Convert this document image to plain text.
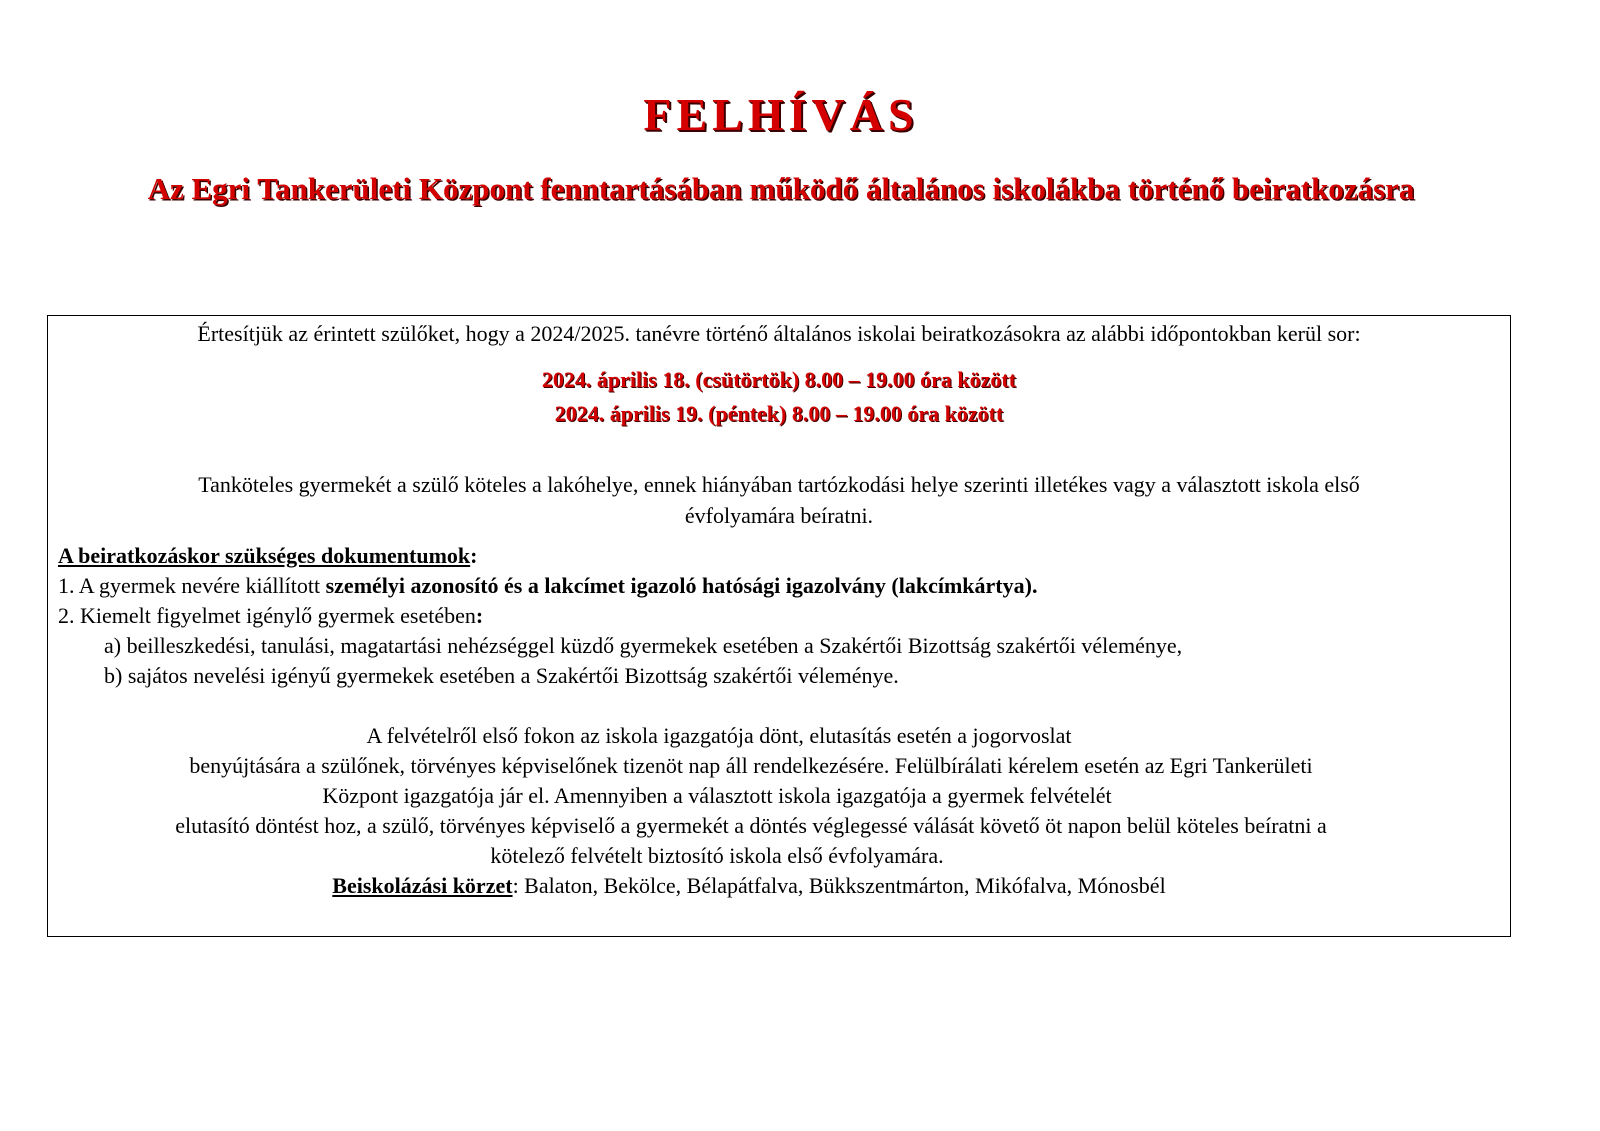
FELHÍVÁS
Az Egri Tankerületi Központ fenntartásában működő általános iskolákba történő beiratkozásra

Értesítjük az érintett szülőket, hogy a 2024/2025. tanévre történő általános iskolai beiratkozásokra az alábbi időpontokban kerül sor:

2024. április 18. (csütörtök) 8.00 – 19.00 óra között

2024. április 19. (péntek) 8.00 – 19.00 óra között

Tanköteles gyermekét a szülő köteles a lakóhelye, ennek hiányában tartózkodási helye szerinti illetékes vagy a választott iskola első

évfolyamára beíratni.

A beiratkozáskor szükséges dokumentumok:

1. A gyermek nevére kiállított személyi azonosító és a lakcímet igazoló hatósági igazolvány (lakcímkártya).

2. Kiemelt figyelmet igénylő gyermek esetében:

a) beilleszkedési, tanulási, magatartási nehézséggel küzdő gyermekek esetében a Szakértői Bizottság szakértői véleménye,

b) sajátos nevelési igényű gyermekek esetében a Szakértői Bizottság szakértői véleménye.

A felvételről első fokon az iskola igazgatója dönt, elutasítás esetén a jogorvoslat

benyújtására a szülőnek, törvényes képviselőnek tizenöt nap áll rendelkezésére. Felülbírálati kérelem esetén az Egri Tankerületi

Központ igazgatója jár el. Amennyiben a választott iskola igazgatója a gyermek felvételét

elutasító döntést hoz, a szülő, törvényes képviselő a gyermekét a döntés véglegessé válását követő öt napon belül köteles beíratni a

kötelező felvételt biztosító iskola első évfolyamára.

Beiskolázási körzet: Balaton, Bekölce, Bélapátfalva, Bükkszentmárton, Mikófalva, Mónosbél
